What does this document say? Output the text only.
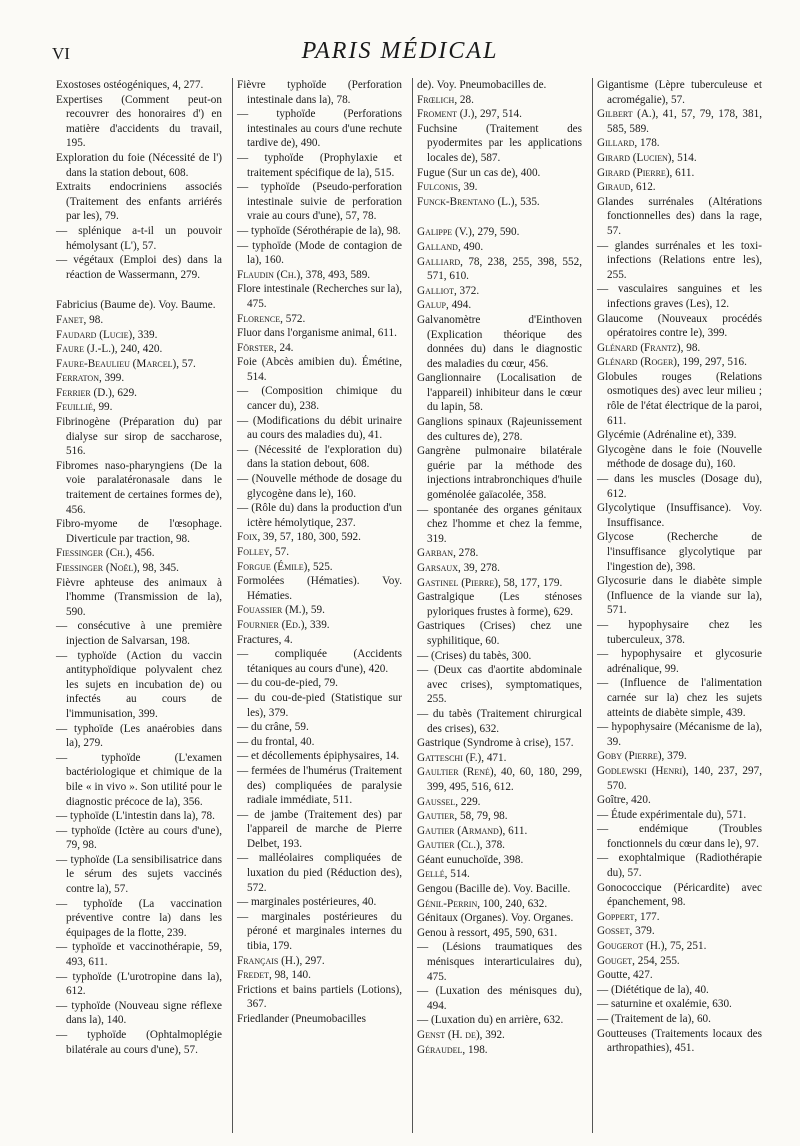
VI	PARIS MÉDICAL

Exostoses ostéogéniques, 4, 277.

Expertises (Comment peut-on recouvrer des honoraires d') en matière d'accidents du travail, 195.

Exploration du foie (Nécessité de l') dans la station debout, 608.

Extraits endocriniens associés (Traitement des enfants arriérés par les), 79.

— splénique a-t-il un pouvoir hémolysant (L'), 57.

— végétaux (Emploi des) dans la réaction de Wassermann, 279.

Fabricius (Baume de). Voy. Baume.

Fanet, 98.

Faudard (Lucie), 339.

Faure (J.-L.), 240, 420.

Faure-Beaulieu (Marcel), 57.

Ferraton, 399.

Ferrier (D.), 629.

Feuillié, 99.

Fibrinogène (Préparation du) par dialyse sur sirop de saccharose, 516.

Fibromes naso-pharyngiens (De la voie paralatéronasale dans le traitement de certaines formes de), 456.

Fibro-myome de l'œsophage. Diverticule par traction, 98.

Fiessinger (Ch.), 456.

Fiessinger (Noël), 98, 345.

Fièvre aphteuse des animaux à l'homme (Transmission de la), 590.

— consécutive à une première injection de Salvarsan, 198.

— typhoïde (Action du vaccin antityphoïdique polyvalent chez les sujets en incubation de) ou infectés au cours de l'immunisation, 399.

— typhoïde (Les anaérobies dans la), 279.

— typhoïde (L'examen bactériologique et chimique de la bile « in vivo ». Son utilité pour le diagnostic précoce de la), 356.

— typhoïde (L'intestin dans la), 78.

— typhoïde (Ictère au cours d'une), 79, 98.

— typhoïde (La sensibilisatrice dans le sérum des sujets vaccinés contre la), 57.

— typhoïde (La vaccination préventive contre la) dans les équipages de la flotte, 239.

— typhoïde et vaccinothérapie, 59, 493, 611.

— typhoïde (L'urotropine dans la), 612.

— typhoïde (Nouveau signe réflexe dans la), 140.

— typhoïde (Ophtalmoplégie bilatérale au cours d'une), 57.

Fièvre typhoïde (Perforation intestinale dans la), 78.

— typhoïde (Perforations intestinales au cours d'une rechute tardive de), 490.

— typhoïde (Prophylaxie et traitement spécifique de la), 515.

— typhoïde (Pseudo-perforation intestinale suivie de perforation vraie au cours d'une), 57, 78.

— typhoïde (Sérothérapie de la), 98.

— typhoïde (Mode de contagion de la), 160.

Flaudin (Ch.), 378, 493, 589.

Flore intestinale (Recherches sur la), 475.

Florence, 572.

Fluor dans l'organisme animal, 611.

Förster, 24.

Foie (Abcès amibien du). Émétine, 514.

— (Composition chimique du cancer du), 238.

— (Modifications du débit urinaire au cours des maladies du), 41.

— (Nécessité de l'exploration du) dans la station debout, 608.

— (Nouvelle méthode de dosage du glycogène dans le), 160.

— (Rôle du) dans la production d'un ictère hémolytique, 237.

Foix, 39, 57, 180, 300, 592.

Folley, 57.

Forgue (Émile), 525.

Formolées (Hématies). Voy. Hématies.

Fouassier (M.), 59.

Fournier (Ed.), 339.

Fractures, 4.

— compliquée (Accidents tétaniques au cours d'une), 420.

— du cou-de-pied, 79.

— du cou-de-pied (Statistique sur les), 379.

— du crâne, 59.

— du frontal, 40.

— et décollements épiphysaires, 14.

— fermées de l'humérus (Traitement des) compliquées de paralysie radiale immédiate, 511.

— de jambe (Traitement des) par l'appareil de marche de Pierre Delbet, 193.

— malléolaires compliquées de luxation du pied (Réduction des), 572.

— marginales postérieures, 40.

— marginales postérieures du péroné et marginales internes du tibia, 179.

Français (H.), 297.

Fredet, 98, 140.

Frictions et bains partiels (Lotions), 367.

Friedlander (Pneumobacilles

de). Voy. Pneumobacilles de.

Frœlich, 28.

Froment (J.), 297, 514.

Fuchsine (Traitement des pyodermites par les applications locales de), 587.

Fugue (Sur un cas de), 400.

Fulconis, 39.

Funck-Brentano (L.), 535.

Galippe (V.), 279, 590.

Galland, 490.

Galliard, 78, 238, 255, 398, 552, 571, 610.

Galliot, 372.

Galup, 494.

Galvanomètre d'Einthoven (Explication théorique des données du) dans le diagnostic des maladies du cœur, 456.

Ganglionnaire (Localisation de l'appareil) inhibiteur dans le cœur du lapin, 58.

Ganglions spinaux (Rajeunissement des cultures de), 278.

Gangrène pulmonaire bilatérale guérie par la méthode des injections intrabronchiques d'huile goménolée gaïacolée, 358.

— spontanée des organes génitaux chez l'homme et chez la femme, 319.

Garban, 278.

Garsaux, 39, 278.

Gastinel (Pierre), 58, 177, 179.

Gastralgique (Les sténoses pyloriques frustes à forme), 629.

Gastriques (Crises) chez une syphilitique, 60.

— (Crises) du tabès, 300.

— (Deux cas d'aortite abdominale avec crises), symptomatiques, 255.

— du tabès (Traitement chirurgical des crises), 632.

Gastrique (Syndrome à crise), 157.

Gatteschi (F.), 471.

Gaultier (René), 40, 60, 180, 299, 399, 495, 516, 612.

Gaussel, 229.

Gautier, 58, 79, 98.

Gautier (Armand), 611.

Gautier (Cl.), 378.

Géant eunuchoïde, 398.

Gellé, 514.

Gengou (Bacille de). Voy. Bacille.

Génil-Perrin, 100, 240, 632.

Génitaux (Organes). Voy. Organes.

Genou à ressort, 495, 590, 631.

— (Lésions traumatiques des ménisques interarticulaires du), 475.

— (Luxation des ménisques du), 494.

— (Luxation du) en arrière, 632.

Genst (H. de), 392.

Géraudel, 198.

Gigantisme (Lèpre tuberculeuse et acromégalie), 57.

Gilbert (A.), 41, 57, 79, 178, 381, 585, 589.

Gillard, 178.

Girard (Lucien), 514.

Girard (Pierre), 611.

Giraud, 612.

Glandes surrénales (Altérations fonctionnelles des) dans la rage, 57.

— glandes surrénales et les toxi-infections (Relations entre les), 255.

— vasculaires sanguines et les infections graves (Les), 12.

Glaucome (Nouveaux procédés opératoires contre le), 399.

Glénard (Frantz), 98.

Glénard (Roger), 199, 297, 516.

Globules rouges (Relations osmotiques des) avec leur milieu ; rôle de l'état électrique de la paroi, 611.

Glycémie (Adrénaline et), 339.

Glycogène dans le foie (Nouvelle méthode de dosage du), 160.

— dans les muscles (Dosage du), 612.

Glycolytique (Insuffisance). Voy. Insuffisance.

Glycose (Recherche de l'insuffisance glycolytique par l'ingestion de), 398.

Glycosurie dans le diabète simple (Influence de la viande sur la), 571.

— hypophysaire chez les tuberculeux, 378.

— hypophysaire et glycosurie adrénalique, 99.

— (Influence de l'alimentation carnée sur la) chez les sujets atteints de diabète simple, 439.

— hypophysaire (Mécanisme de la), 39.

Goby (Pierre), 379.

Godlewski (Henri), 140, 237, 297, 570.

Goître, 420.

— Étude expérimentale du), 571.

— endémique (Troubles fonctionnels du cœur dans le), 97.

— exophtalmique (Radiothérapie du), 57.

Gonococcique (Péricardite) avec épanchement, 98.

Goppert, 177.

Gosset, 379.

Gougerot (H.), 75, 251.

Gouget, 254, 255.

Goutte, 427.

— (Diététique de la), 40.

— saturnine et oxalémie, 630.

— (Traitement de la), 60.

Goutteuses (Traitements locaux des arthropathies), 451.
